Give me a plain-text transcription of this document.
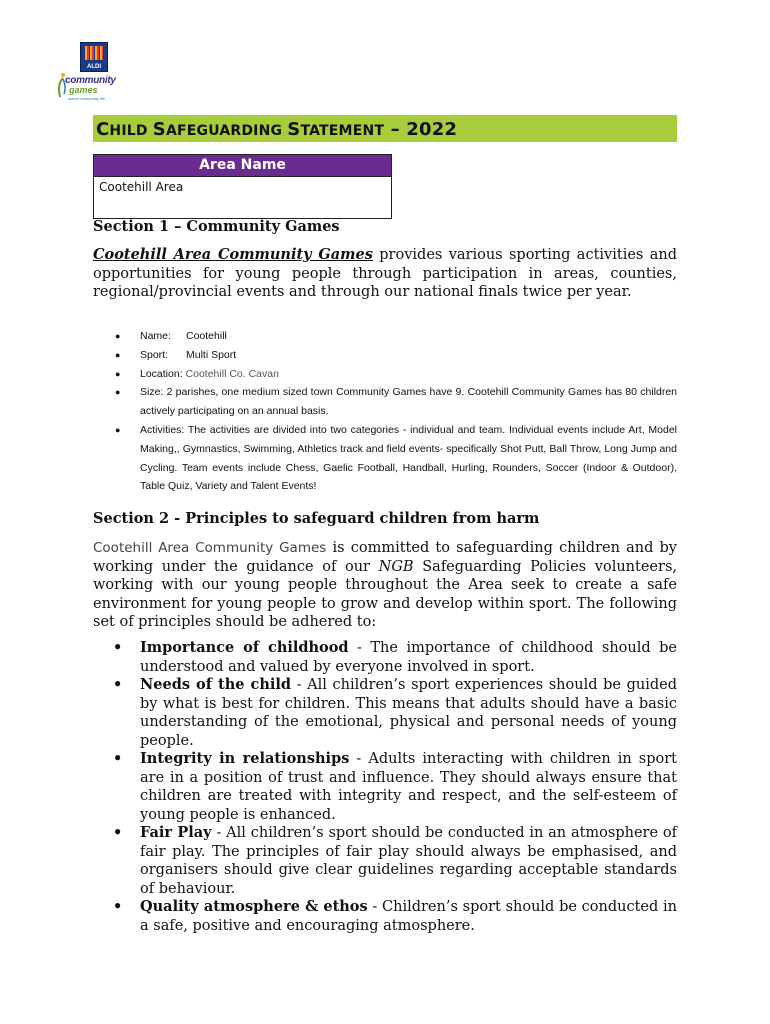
ALDI
community
games
active community life
CHILD SAFEGUARDING STATEMENT – 2022
Area Name
Cootehill Area
Section 1 – Community Games

Cootehill Area Community Games provides various sporting activities and opportunities for young people through participation in areas, counties, regional/provincial events and through our national finals twice per year.

● Name: Cootehill
● Sport: Multi Sport
● Location: Cootehill Co. Cavan
● Size: 2 parishes, one medium sized town Community Games have 9. Cootehill Community Games has 80 children actively participating on an annual basis.
● Activities: The activities are divided into two categories - individual and team. Individual events include Art, Model Making,, Gymnastics, Swimming, Athletics track and field events- specifically Shot Putt, Ball Throw, Long Jump and Cycling. Team events include Chess, Gaelic Football, Handball, Hurling, Rounders, Soccer (Indoor & Outdoor), Table Quiz, Variety and Talent Events!
Section 2 - Principles to safeguard children from harm

Cootehill Area Community Games is committed to safeguarding children and by working under the guidance of our NGB Safeguarding Policies volunteers, working with our young people throughout the Area seek to create a safe environment for young people to grow and develop within sport. The following set of principles should be adhered to:

• Importance of childhood - The importance of childhood should be understood and valued by everyone involved in sport.
• Needs of the child - All children’s sport experiences should be guided by what is best for children. This means that adults should have a basic understanding of the emotional, physical and personal needs of young people.
• Integrity in relationships - Adults interacting with children in sport are in a position of trust and influence. They should always ensure that children are treated with integrity and respect, and the self-esteem of young people is enhanced.
• Fair Play - All children’s sport should be conducted in an atmosphere of fair play. The principles of fair play should always be emphasised, and organisers should give clear guidelines regarding acceptable standards of behaviour.
• Quality atmosphere & ethos - Children’s sport should be conducted in a safe, positive and encouraging atmosphere.
